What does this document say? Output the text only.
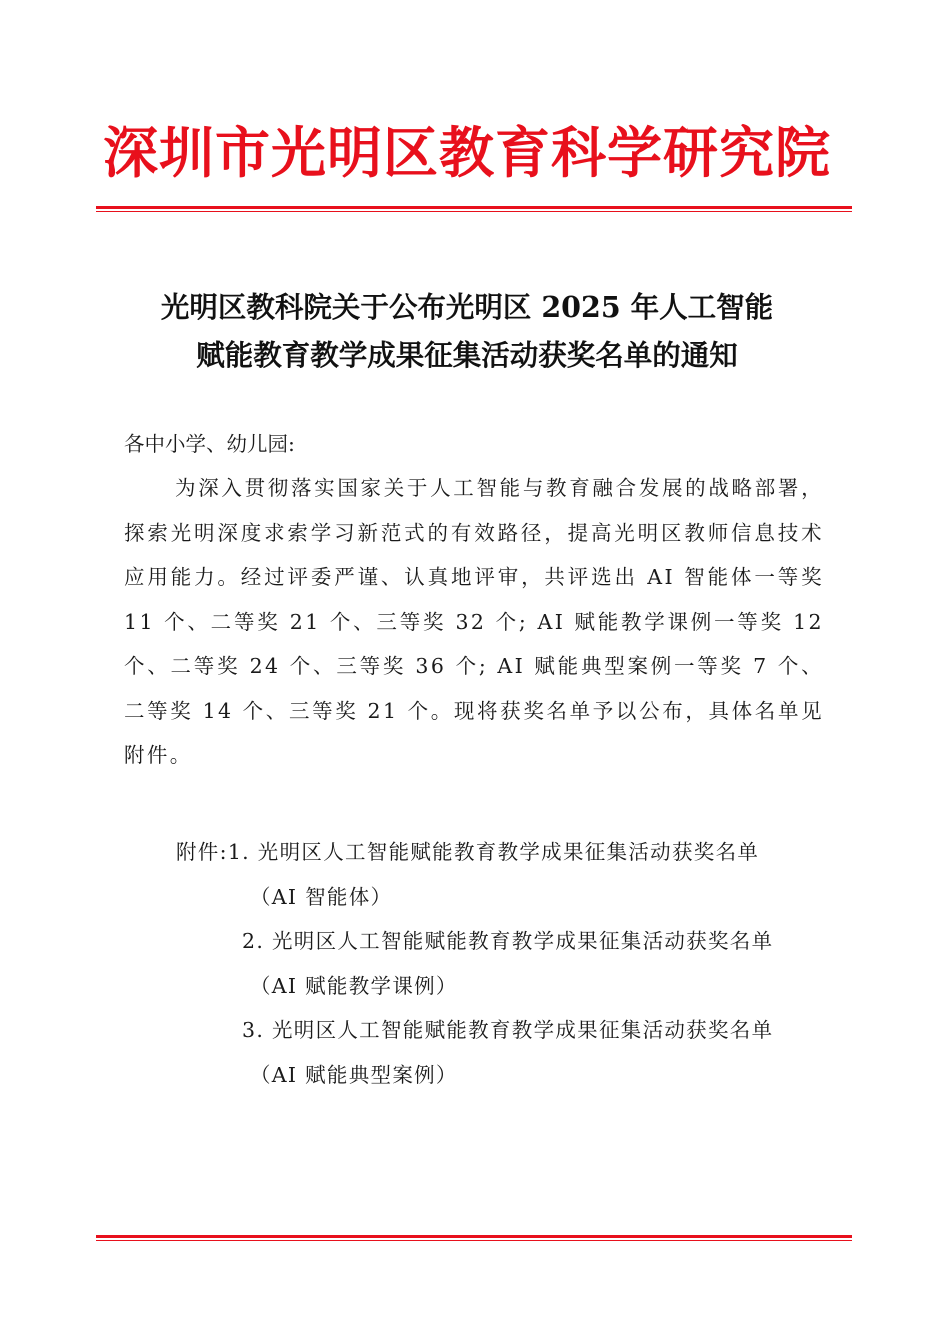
深圳市光明区教育科学研究院
光明区教科院关于公布光明区 2025 年人工智能
赋能教育教学成果征集活动获奖名单的通知
各中小学、幼儿园:
为深入贯彻落实国家关于人工智能与教育融合发展的战略部署，探索光明深度求索学习新范式的有效路径，提高光明区教师信息技术应用能力。经过评委严谨、认真地评审，共评选出 AI 智能体一等奖 11 个、二等奖 21 个、三等奖 32 个; AI 赋能教学课例一等奖 12 个、二等奖 24 个、三等奖 36 个; AI 赋能典型案例一等奖 7 个、二等奖 14 个、三等奖 21 个。现将获奖名单予以公布，具体名单见附件。
附件:1. 光明区人工智能赋能教育教学成果征集活动获奖名单
（AI 智能体）
2. 光明区人工智能赋能教育教学成果征集活动获奖名单
（AI 赋能教学课例）
3. 光明区人工智能赋能教育教学成果征集活动获奖名单
（AI 赋能典型案例）
